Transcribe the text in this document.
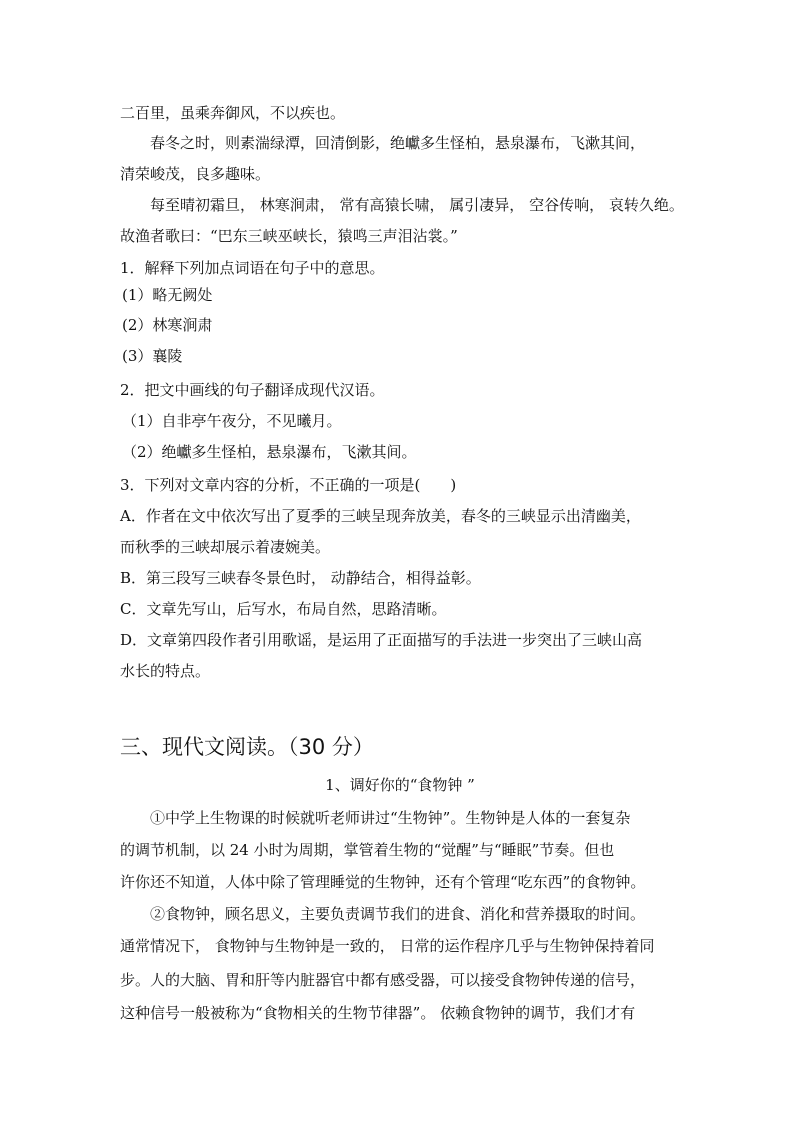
二百里，虽乘奔御风，不以疾也。
春冬之时，则素湍绿潭，回清倒影，绝巘多生怪柏，悬泉瀑布，飞漱其间，
清荣峻茂，良多趣味。
每至晴初霜旦， 林寒涧肃， 常有高猿长啸， 属引凄异， 空谷传响， 哀转久绝。
故渔者歌曰：“巴东三峡巫峡长，猿鸣三声泪沾裳。”
1．解释下列加点词语在句子中的意思。
(1）略无阙处
(2）林寒涧肃
(3）襄陵
2．把文中画线的句子翻译成现代汉语。
（1）自非亭午夜分，不见曦月。
（2）绝巘多生怪柏，悬泉瀑布，飞漱其间。
3．下列对文章内容的分析，不正确的一项是(　　)
A．作者在文中依次写出了夏季的三峡呈现奔放美，春冬的三峡显示出清幽美，
而秋季的三峡却展示着凄婉美。
B．第三段写三峡春冬景色时， 动静结合，相得益彰。
C．文章先写山，后写水，布局自然，思路清晰。
D．文章第四段作者引用歌谣，是运用了正面描写的手法进一步突出了三峡山高
水长的特点。
三、现代文阅读。（30 分）
1、调好你的“食物钟 ”
①中学上生物课的时候就听老师讲过“生物钟”。生物钟是人体的一套复杂
的调节机制，以 24 小时为周期，掌管着生物的“觉醒”与“睡眠”节奏。但也
许你还不知道，人体中除了管理睡觉的生物钟，还有个管理“吃东西”的食物钟。
②食物钟，顾名思义，主要负责调节我们的进食、消化和营养摄取的时间。
通常情况下， 食物钟与生物钟是一致的， 日常的运作程序几乎与生物钟保持着同
步。人的大脑、胃和肝等内脏器官中都有感受器，可以接受食物钟传递的信号，
这种信号一般被称为“食物相关的生物节律器”。 依赖食物钟的调节，我们才有
